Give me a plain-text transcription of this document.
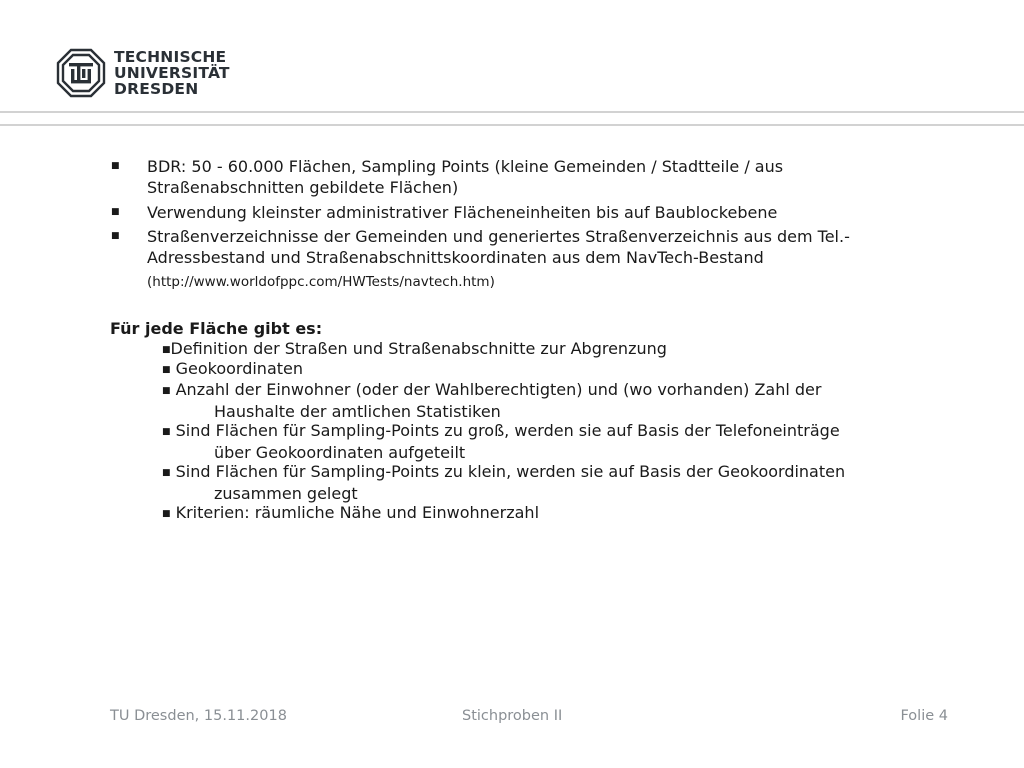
TECHNISCHE
UNIVERSITÄT
DRESDEN
■ BDR: 50 - 60.000 Flächen, Sampling Points (kleine Gemeinden / Stadtteile / aus
Straßenabschnitten gebildete Flächen)
■ Verwendung kleinster administrativer Flächeneinheiten bis auf Baublockebene
■ Straßenverzeichnisse der Gemeinden und generiertes Straßenverzeichnis aus dem Tel.-
Adressbestand und Straßenabschnittskoordinaten aus dem NavTech-Bestand
(http://www.worldofppc.com/HWTests/navtech.htm)
Für jede Fläche gibt es:
■Definition der Straßen und Straßenabschnitte zur Abgrenzung
■ Geokoordinaten
■ Anzahl der Einwohner (oder der Wahlberechtigten) und (wo vorhanden) Zahl der
Haushalte der amtlichen Statistiken
■ Sind Flächen für Sampling-Points zu groß, werden sie auf Basis der Telefoneinträge
über Geokoordinaten aufgeteilt
■ Sind Flächen für Sampling-Points zu klein, werden sie auf Basis der Geokoordinaten
zusammen gelegt
■ Kriterien: räumliche Nähe und Einwohnerzahl
TU Dresden, 15.11.2018	Stichproben II	Folie 4
